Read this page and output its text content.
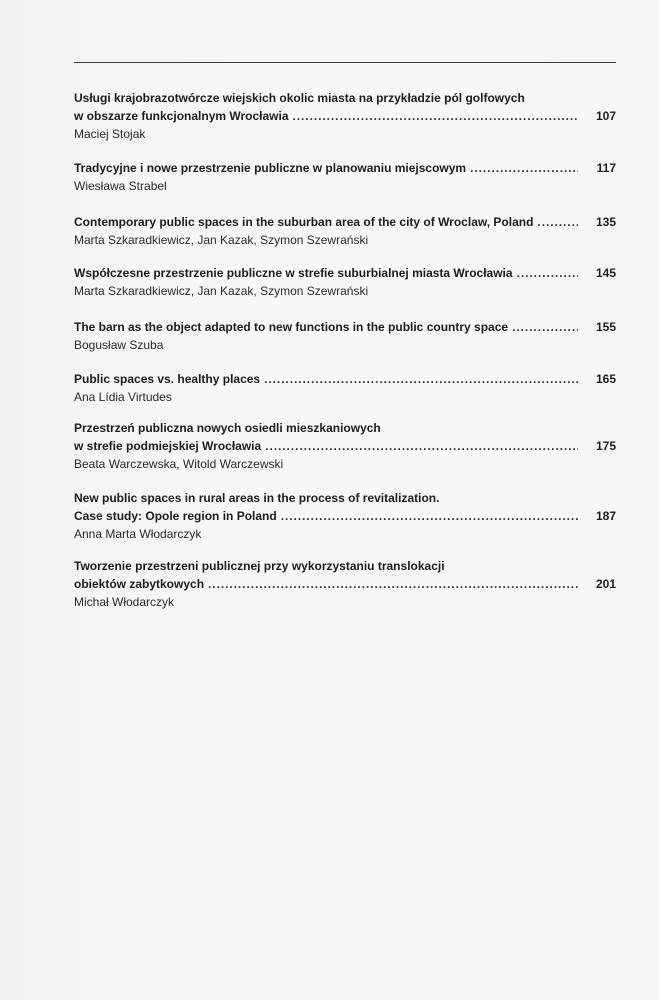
Usługi krajobrazotwórcze wiejskich okolic miasta na przykładzie pól golfowych
w obszarze funkcjonalnym Wrocławia . . .	107
Maciej Stojak
Tradycyjne i nowe przestrzenie publiczne w planowaniu miejscowym . . .	117
Wiesława Strabel
Contemporary public spaces in the suburban area of the city of Wroclaw, Poland . . .	135
Marta Szkaradkiewicz, Jan Kazak, Szymon Szewrański
Współczesne przestrzenie publiczne w strefie suburbialnej miasta Wrocławia . . .	145
Marta Szkaradkiewicz, Jan Kazak, Szymon Szewrański
The barn as the object adapted to new functions in the public country space . . .	155
Bogusław Szuba
Public spaces vs. healthy places . . .	165
Ana Lídia Virtudes
Przestrzeń publiczna nowych osiedli mieszkaniowych
w strefie podmiejskiej Wrocławia . . .	175
Beata Warczewska, Witold Warczewski
New public spaces in rural areas in the process of revitalization.
Case study: Opole region in Poland . . .	187
Anna Marta Włodarczyk
Tworzenie przestrzeni publicznej przy wykorzystaniu translokacji
obiektów zabytkowych . . .	201
Michał Włodarczyk
